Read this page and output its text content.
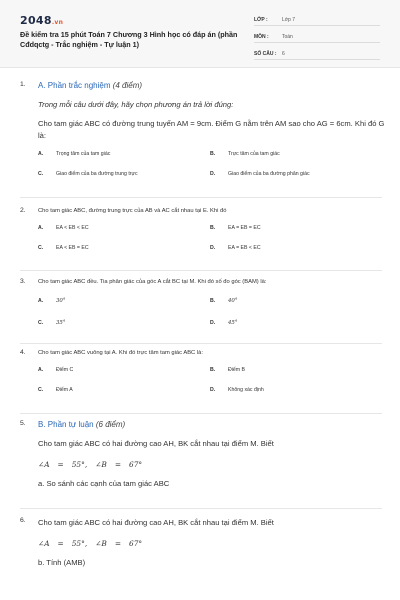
2048.vn
Đề kiểm tra 15 phút Toán 7 Chương 3 Hình học có đáp án (phần Cđdqctg - Trắc nghiệm - Tự luận 1)
LỚP :	Lớp 7
MÔN :	Toán
SỐ CÂU :	6
1. A. Phần trắc nghiệm (4 điểm)
Trong mỗi câu dưới đây, hãy chọn phương án trả lời đúng:
Cho tam giác ABC có đường trung tuyến AM = 9cm. Điểm G nằm trên AM sao cho AG = 6cm. Khi đó G là:
A.	Trọng tâm của tam giác	B.	Trực tâm của tam giác
C.	Giao điểm của ba đường trung trực	D.	Giao điểm của ba đường phân giác
2. Cho tam giác ABC, đường trung trực của AB và AC cắt nhau tại E. Khi đó
A.	EA < EB < EC	B.	EA = EB = EC
C.	EA < EB = EC	D.	EA = EB < EC
3. Cho tam giác ABC đều. Tia phân giác của góc A cắt BC tại M. Khi đó số đo góc (BAM) là:
A.	30°	B.	40°
C.	35°	D.	45°
4. Cho tam giác ABC vuông tại A. Khi đó trực tâm tam giác ABC là:
A.	Điểm C	B.	Điểm B
C.	Điểm A	D.	Không xác định
5. B. Phần tự luận (6 điểm)
Cho tam giác ABC có hai đường cao AH, BK cắt nhau tại điểm M. Biết
∠A = 55°, ∠B = 67°
a. So sánh các cạnh của tam giác ABC
6. Cho tam giác ABC có hai đường cao AH, BK cắt nhau tại điểm M. Biết
∠A = 55°, ∠B = 67°
b. Tính (AMB)
